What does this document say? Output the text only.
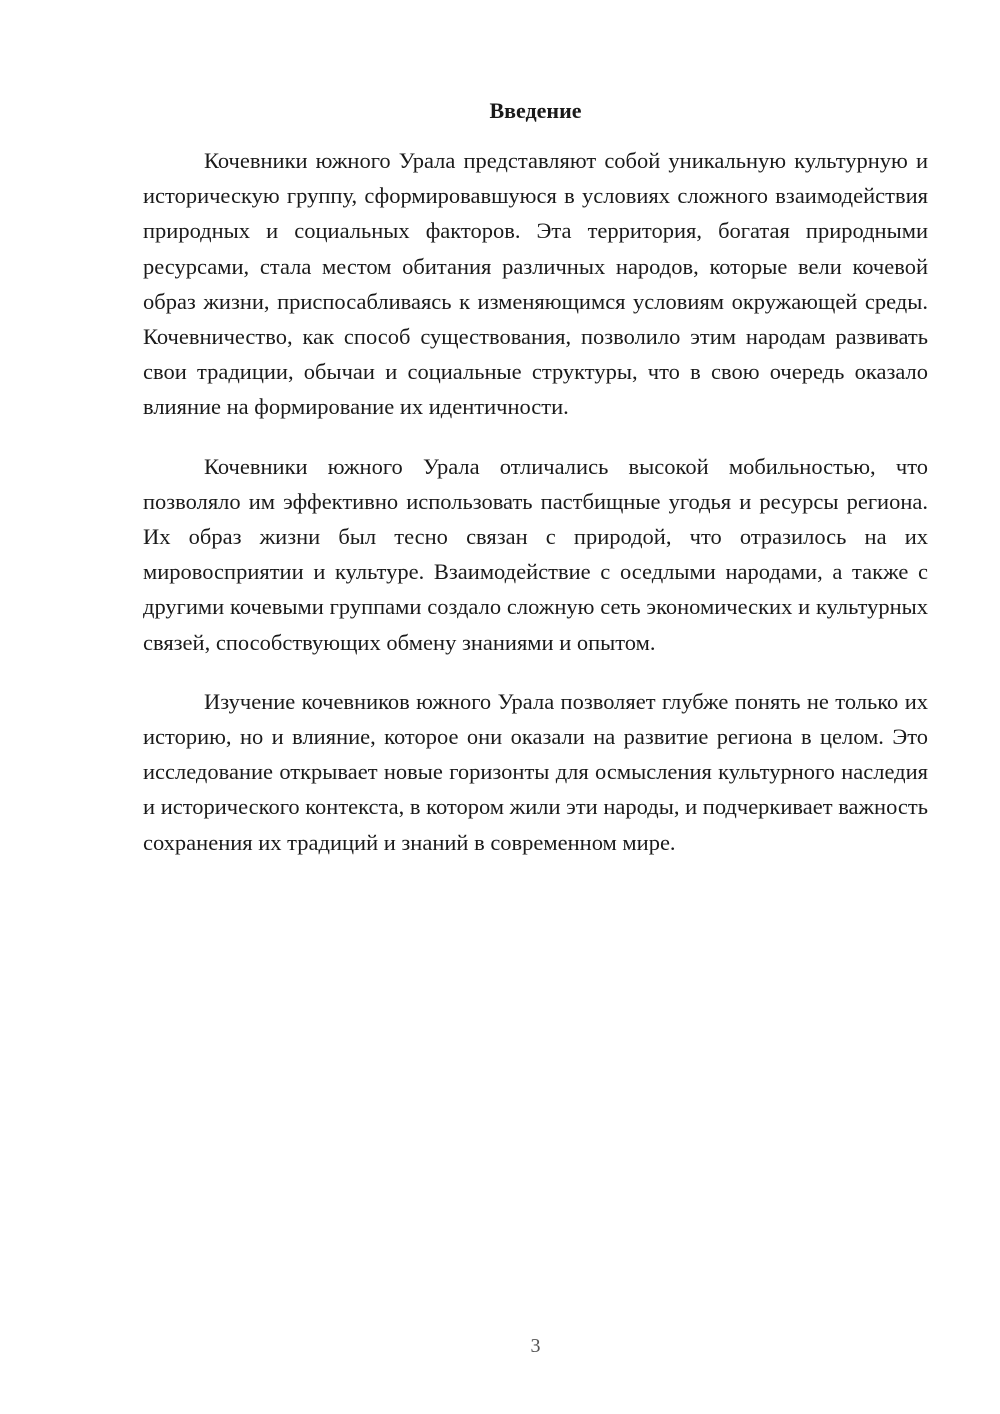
Введение

Кочевники южного Урала представляют собой уникальную культурную и историческую группу, сформировавшуюся в условиях сложного взаимодействия природных и социальных факторов. Эта территория, богатая природными ресурсами, стала местом обитания различных народов, которые вели кочевой образ жизни, приспосабливаясь к изменяющимся условиям окружающей среды. Кочевничество, как способ существования, позволило этим народам развивать свои традиции, обычаи и социальные структуры, что в свою очередь оказало влияние на формирование их идентичности.

Кочевники южного Урала отличались высокой мобильностью, что позволяло им эффективно использовать пастбищные угодья и ресурсы региона. Их образ жизни был тесно связан с природой, что отразилось на их мировосприятии и культуре. Взаимодействие с оседлыми народами, а также с другими кочевыми группами создало сложную сеть экономических и культурных связей, способствующих обмену знаниями и опытом.

Изучение кочевников южного Урала позволяет глубже понять не только их историю, но и влияние, которое они оказали на развитие региона в целом. Это исследование открывает новые горизонты для осмысления культурного наследия и исторического контекста, в котором жили эти народы, и подчеркивает важность сохранения их традиций и знаний в современном мире.

3
